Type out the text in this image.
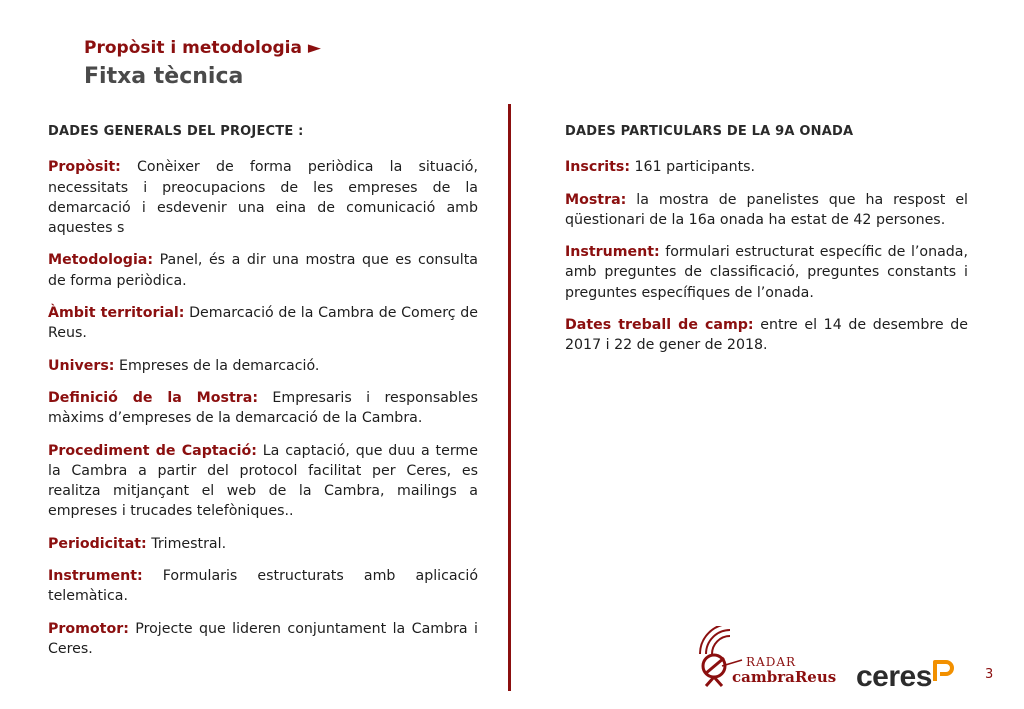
Propòsit i metodologia ►
Fitxa tècnica
DADES GENERALS DEL PROJECTE :

Propòsit: Conèixer de forma periòdica la situació, necessitats i preocupacions de les empreses de la demarcació i esdevenir una eina de comunicació amb aquestes s

Metodologia: Panel, és a dir una mostra que es consulta de forma periòdica.

Àmbit territorial: Demarcació de la Cambra de Comerç de Reus.

Univers: Empreses de la demarcació.

Definició de la Mostra: Empresaris i responsables màxims d’empreses de la demarcació de la Cambra.

Procediment de Captació: La captació, que duu a terme la Cambra a partir del protocol facilitat per Ceres, es realitza mitjançant el web de la Cambra, mailings a empreses i trucades telefòniques..

Periodicitat: Trimestral.

Instrument: Formularis estructurats amb aplicació telemàtica.

Promotor: Projecte que lideren conjuntament la Cambra i Ceres.

DADES PARTICULARS DE LA 9A ONADA

Inscrits: 161 participants.

Mostra: la mostra de panelistes que ha respost el qüestionari de la 16a onada ha estat de 42 persones.

Instrument: formulari estructurat específic de l’onada, amb preguntes de classificació, preguntes constants i preguntes específiques de l’onada.

Dates treball de camp: entre el 14 de desembre de 2017 i 22 de gener de 2018.

RADAR
cambraReus ceres	3
